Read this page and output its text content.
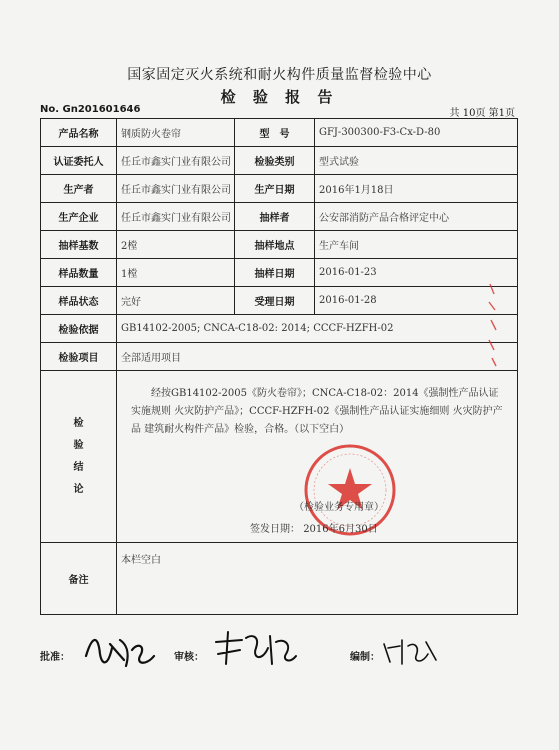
国家固定灭火系统和耐火构件质量监督检验中心
检 验 报 告
No. Gn201601646	共 10页 第1页
产品名称	钢质防火卷帘	型　号	GFJ-300300-F3-Cx-D-80
认证委托人	任丘市鑫实门业有限公司	检验类别	型式试验
生产者	任丘市鑫实门业有限公司	生产日期	2016年1月18日
生产企业	任丘市鑫实门业有限公司	抽样者	公安部消防产品合格评定中心
抽样基数	2樘	抽样地点	生产车间
样品数量	1樘	抽样日期	2016-01-23
样品状态	完好	受理日期	2016-01-28
检验依据	GB14102-2005; CNCA-C18-02: 2014; CCCF-HZFH-02		
检验项目	全部适用项目		

检
验
结
论	经按GB14102-2005《防火卷帘》；CNCA-C18-02：2014《强制性产品认证实施规则 火灾防护产品》；CCCF-HZFH-02《强制性产品认证实施细则 火灾防护产品 建筑耐火构件产品》检验，合格。（以下空白）		
备注	本栏空白		
（检验业务专用章）
签发日期： 2016年6月30日
批准：	审核：	编制：
